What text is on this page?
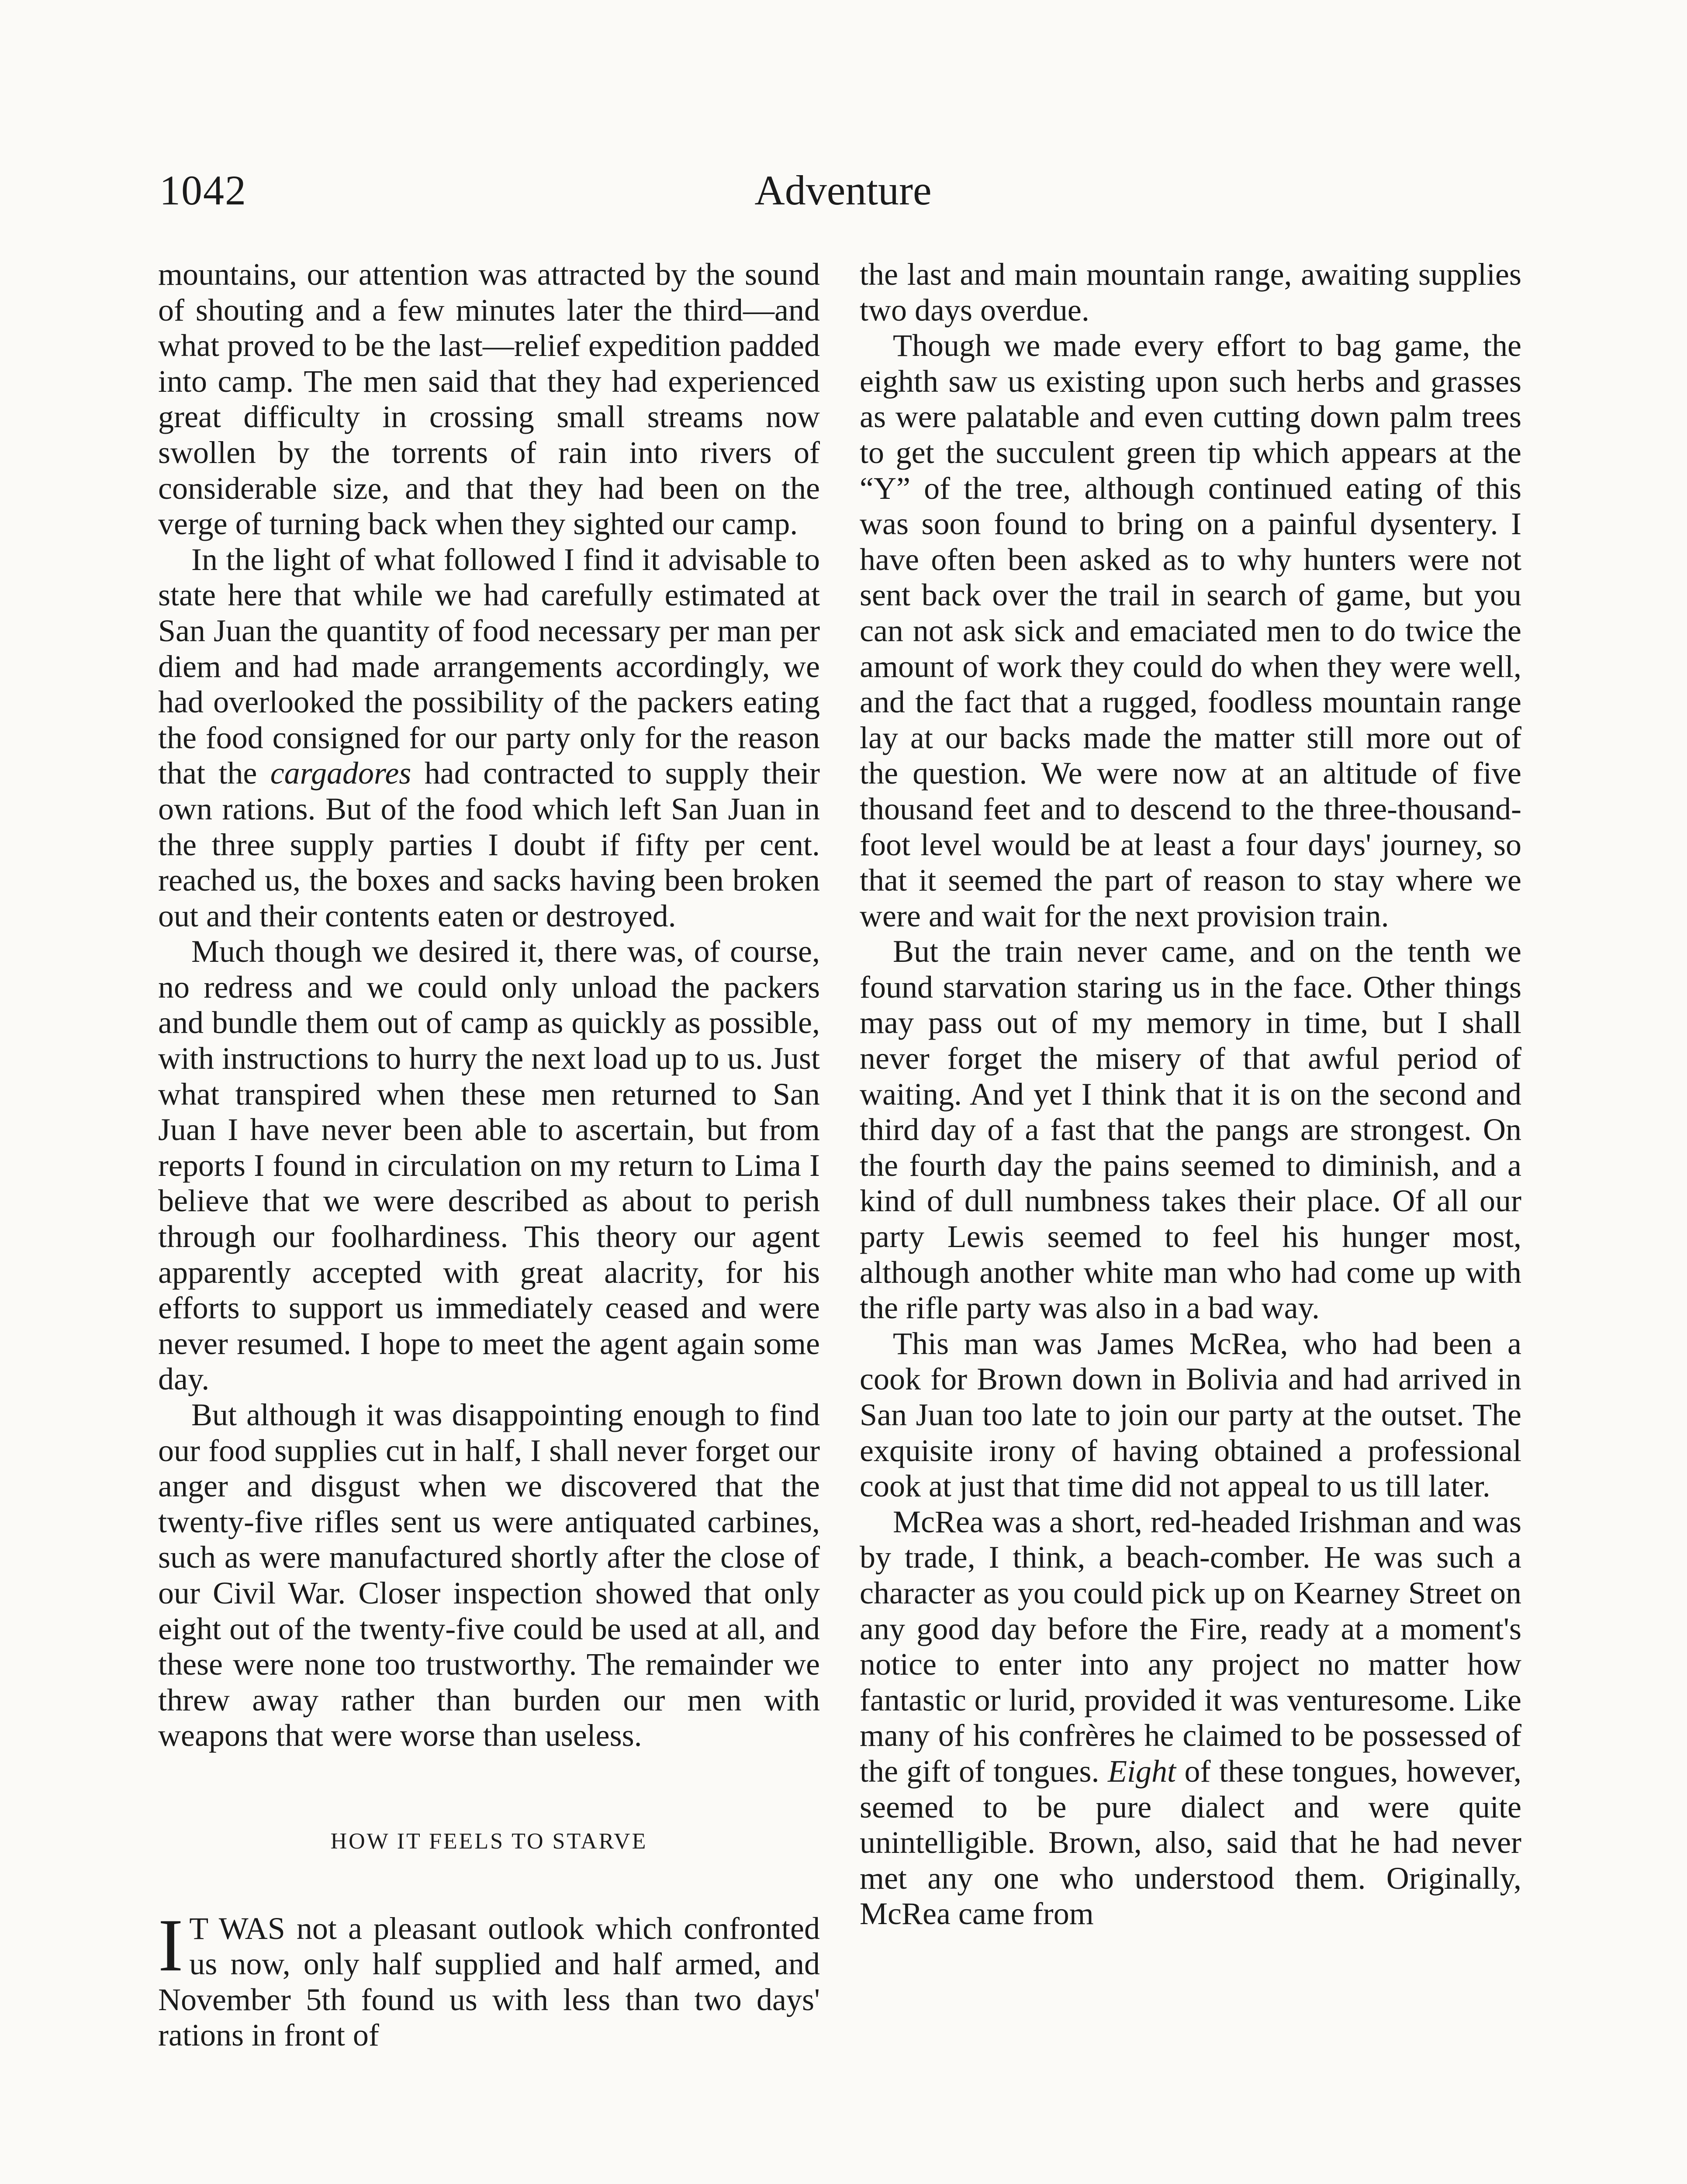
1042	Adventure

mountains, our attention was attracted by the sound of shouting and a few minutes later the third—and what proved to be the last—relief expedition padded into camp. The men said that they had experienced great difficulty in crossing small streams now swollen by the torrents of rain into rivers of considerable size, and that they had been on the verge of turning back when they sighted our camp.

In the light of what followed I find it advisable to state here that while we had carefully estimated at San Juan the quantity of food necessary per man per diem and had made arrangements accordingly, we had overlooked the possibility of the packers eating the food consigned for our party only for the reason that the cargadores had contracted to supply their own rations. But of the food which left San Juan in the three supply parties I doubt if fifty per cent. reached us, the boxes and sacks having been broken out and their contents eaten or destroyed.

Much though we desired it, there was, of course, no redress and we could only unload the packers and bundle them out of camp as quickly as possible, with instructions to hurry the next load up to us. Just what transpired when these men returned to San Juan I have never been able to ascertain, but from reports I found in circulation on my return to Lima I believe that we were described as about to perish through our foolhardiness. This theory our agent apparently accepted with great alacrity, for his efforts to support us immediately ceased and were never resumed. I hope to meet the agent again some day.

But although it was disappointing enough to find our food supplies cut in half, I shall never forget our anger and disgust when we discovered that the twenty-five rifles sent us were antiquated carbines, such as were manufactured shortly after the close of our Civil War. Closer inspection showed that only eight out of the twenty-five could be used at all, and these were none too trustworthy. The remainder we threw away rather than burden our men with weapons that were worse than useless.

HOW IT FEELS TO STARVE

I T WAS not a pleasant outlook which confronted us now, only half supplied and half armed, and November 5th found us with less than two days' rations in front of

the last and main mountain range, awaiting supplies two days overdue.

Though we made every effort to bag game, the eighth saw us existing upon such herbs and grasses as were palatable and even cutting down palm trees to get the succulent green tip which appears at the “Y” of the tree, although continued eating of this was soon found to bring on a painful dysentery. I have often been asked as to why hunters were not sent back over the trail in search of game, but you can not ask sick and emaciated men to do twice the amount of work they could do when they were well, and the fact that a rugged, foodless mountain range lay at our backs made the matter still more out of the question. We were now at an altitude of five thousand feet and to descend to the three-thousand-foot level would be at least a four days' journey, so that it seemed the part of reason to stay where we were and wait for the next provision train.

But the train never came, and on the tenth we found starvation staring us in the face. Other things may pass out of my memory in time, but I shall never forget the misery of that awful period of waiting. And yet I think that it is on the second and third day of a fast that the pangs are strongest. On the fourth day the pains seemed to diminish, and a kind of dull numbness takes their place. Of all our party Lewis seemed to feel his hunger most, although another white man who had come up with the rifle party was also in a bad way.

This man was James McRea, who had been a cook for Brown down in Bolivia and had arrived in San Juan too late to join our party at the outset. The exquisite irony of having obtained a professional cook at just that time did not appeal to us till later.

McRea was a short, red-headed Irishman and was by trade, I think, a beach-comber. He was such a character as you could pick up on Kearney Street on any good day before the Fire, ready at a moment's notice to enter into any project no matter how fantastic or lurid, provided it was venturesome. Like many of his confrères he claimed to be possessed of the gift of tongues. Eight of these tongues, however, seemed to be pure dialect and were quite unintelligible. Brown, also, said that he had never met any one who understood them. Originally, McRea came from
